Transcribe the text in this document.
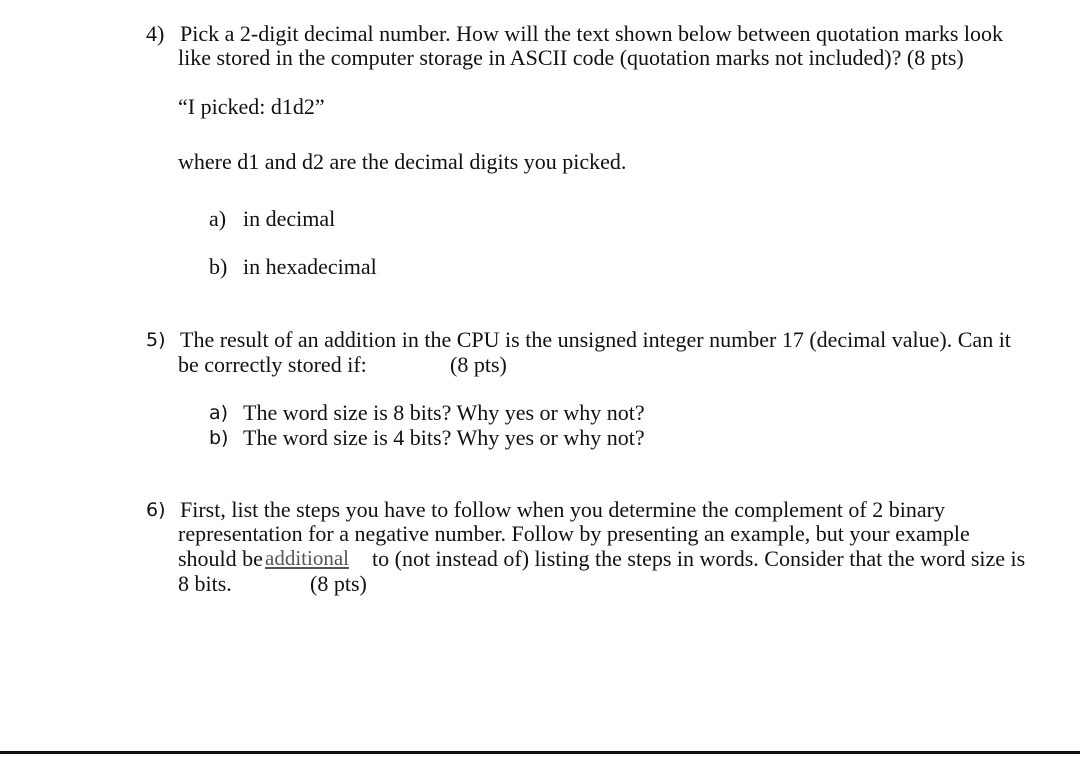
4) Pick a 2-digit decimal number. How will the text shown below between quotation marks look
like stored in the computer storage in ASCII code (quotation marks not included)? (8 pts)
“I picked: d1d2”
where d1 and d2 are the decimal digits you picked.
a) in decimal
b) in hexadecimal
5) The result of an addition in the CPU is the unsigned integer number 17 (decimal value). Can it
be correctly stored if:	(8 pts)
a) The word size is 8 bits? Why yes or why not?
b) The word size is 4 bits? Why yes or why not?
6) First, list the steps you have to follow when you determine the complement of 2 binary
representation for a negative number. Follow by presenting an example, but your example
should be additional to (not instead of) listing the steps in words. Consider that the word size is
8 bits.	(8 pts)
